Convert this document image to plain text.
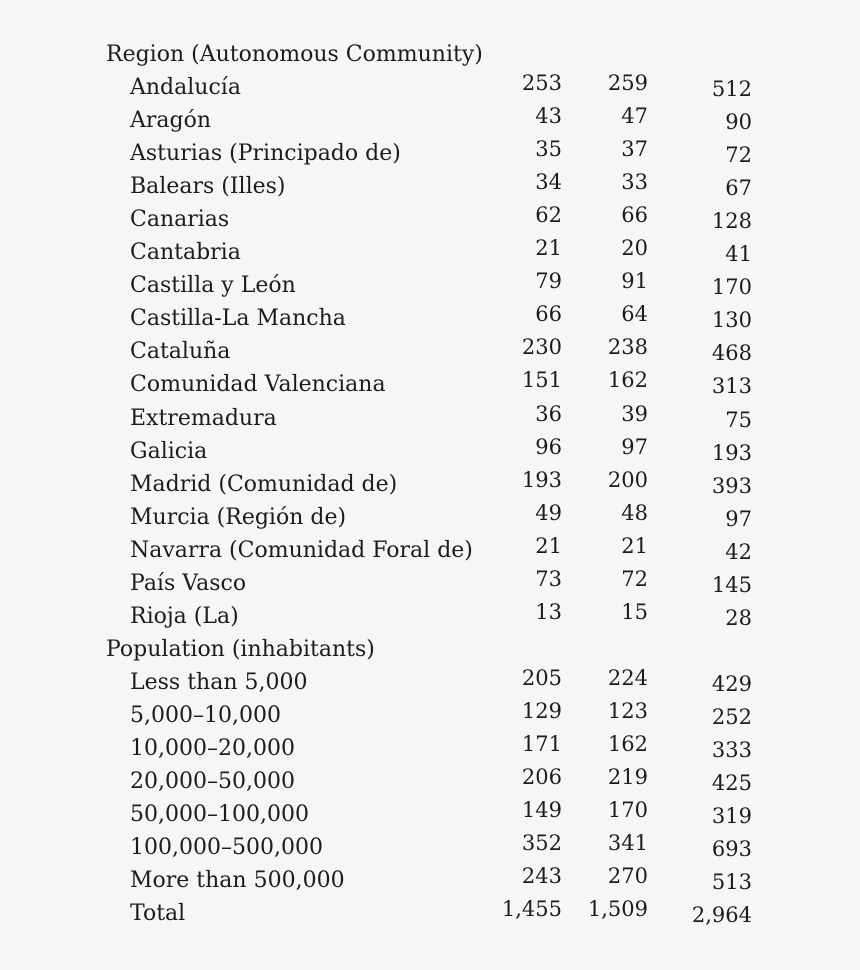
Region (Autonomous Community)
Andalucía	253 259	512
Aragón	43	47	90
Asturias (Principado de)	35	37	72
Balears (Illes)	34	33	67
Canarias	62	66	128
Cantabria	21	20	41
Castilla y León	79	91	170
Castilla-La Mancha	66	64	130
Cataluña	230 238	468
Comunidad Valenciana	151 162	313
Extremadura	36	39	75
Galicia	96	97	193
Madrid (Comunidad de)	193 200	393
Murcia (Región de)	49	48	97
Navarra (Comunidad Foral de)	21	21	42
País Vasco	73	72	145
Rioja (La)	13	15	28
Population (inhabitants)
Less than 5,000	205 224	429
5,000–10,000	129 123	252
10,000–20,000	171 162	333
20,000–50,000	206 219	425
50,000–100,000	149 170	319
100,000–500,000	352 341	693
More than 500,000	243 270	513
Total	1,455 1,509 2,964
